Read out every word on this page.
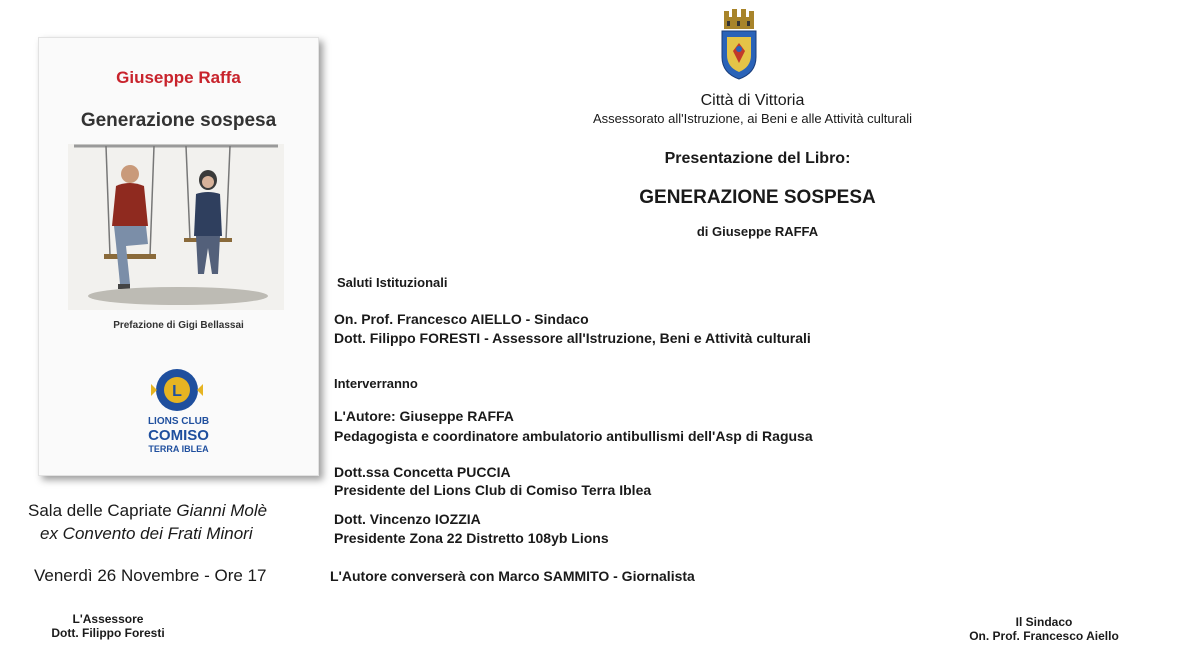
Giuseppe Raffa
Generazione sospesa
Prefazione di Gigi Bellassai
L
LIONS CLUB
COMISO
TERRA IBLEA
Sala delle Capriate Gianni Molè
ex Convento dei Frati Minori
Venerdì 26 Novembre - Ore 17
Città di Vittoria
Assessorato all'Istruzione, ai Beni e alle Attività culturali
Presentazione del Libro:
GENERAZIONE SOSPESA
di Giuseppe RAFFA
Saluti Istituzionali
On. Prof. Francesco AIELLO - Sindaco
Dott. Filippo FORESTI - Assessore all'Istruzione, Beni e Attività culturali
Interverranno
L'Autore: Giuseppe RAFFA
Pedagogista e coordinatore ambulatorio antibullismi dell'Asp di Ragusa
Dott.ssa Concetta PUCCIA
Presidente del Lions Club di Comiso Terra Iblea
Dott. Vincenzo IOZZIA
Presidente Zona 22 Distretto 108yb Lions
L'Autore converserà con Marco SAMMITO - Giornalista
L'Assessore
Dott. Filippo Foresti
Il Sindaco
On. Prof. Francesco Aiello
